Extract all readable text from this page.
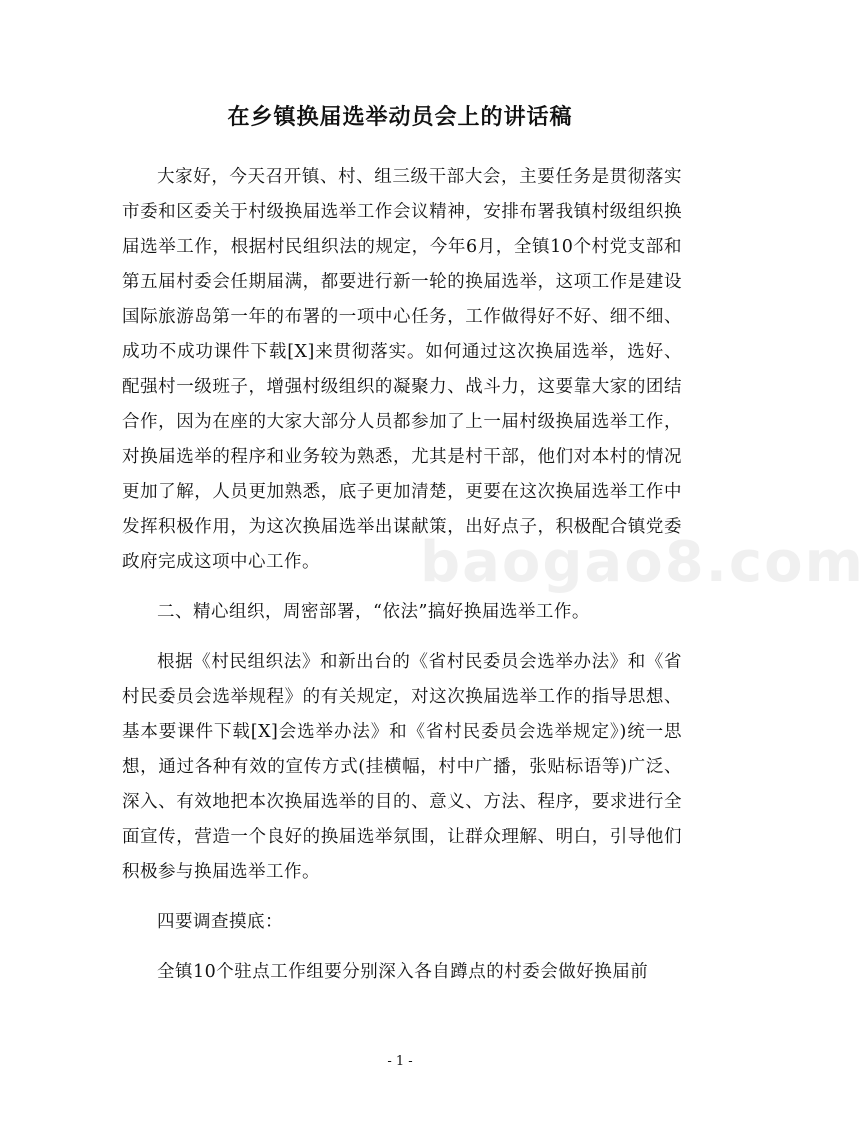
在乡镇换届选举动员会上的讲话稿

大家好，今天召开镇、村、组三级干部大会，主要任务是贯彻落实市委和区委关于村级换届选举工作会议精神，安排布署我镇村级组织换届选举工作，根据村民组织法的规定，今年6月，全镇10个村党支部和第五届村委会任期届满，都要进行新一轮的换届选举，这项工作是建设国际旅游岛第一年的布署的一项中心任务，工作做得好不好、细不细、成功不成功课件下载[X]来贯彻落实。如何通过这次换届选举，选好、配强村一级班子，增强村级组织的凝聚力、战斗力，这要靠大家的团结合作，因为在座的大家大部分人员都参加了上一届村级换届选举工作，对换届选举的程序和业务较为熟悉，尤其是村干部，他们对本村的情况更加了解，人员更加熟悉，底子更加清楚，更要在这次换届选举工作中发挥积极作用，为这次换届选举出谋献策，出好点子，积极配合镇党委政府完成这项中心工作。

二、精心组织，周密部署，“依法”搞好换届选举工作。

根据《村民组织法》和新出台的《省村民委员会选举办法》和《省村民委员会选举规程》的有关规定，对这次换届选举工作的指导思想、基本要课件下载[X]会选举办法》和《省村民委员会选举规定》)统一思想，通过各种有效的宣传方式(挂横幅，村中广播，张贴标语等)广泛、深入、有效地把本次换届选举的目的、意义、方法、程序，要求进行全面宣传，营造一个良好的换届选举氛围，让群众理解、明白，引导他们积极参与换届选举工作。

四要调查摸底：

全镇10个驻点工作组要分别深入各自蹲点的村委会做好换届前

baogao8.com
- 1 -
